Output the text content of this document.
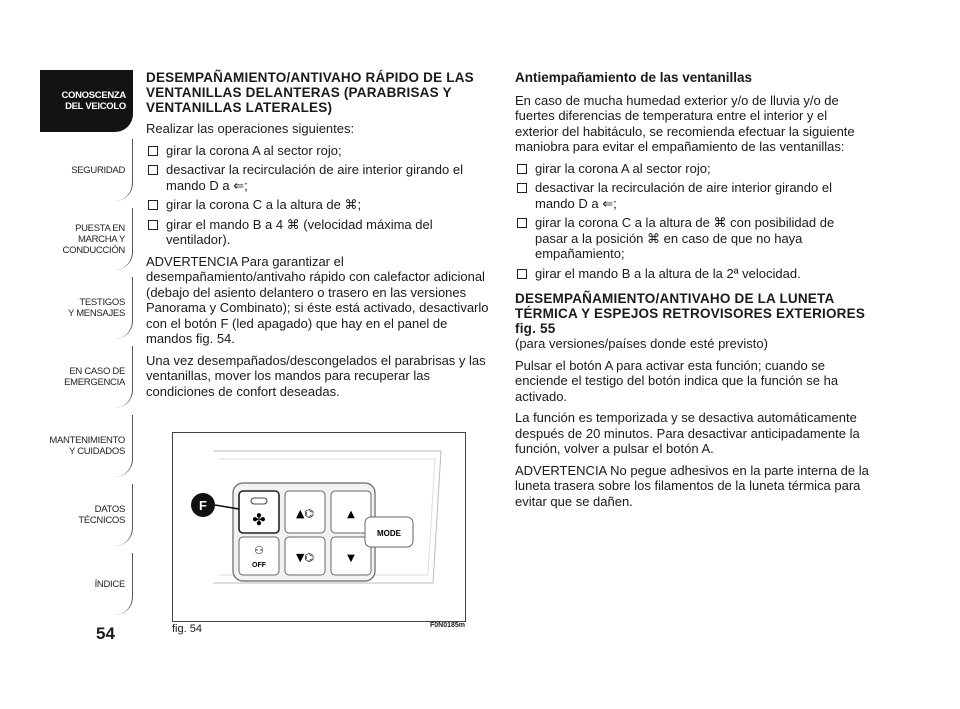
CONOSCENZA
DEL VEICOLO
SEGURIDAD
PUESTA EN
MARCHA Y
CONDUCCIÓN
TESTIGOS
Y MENSAJES
EN CASO DE
EMERGENCIA
MANTENIMIENTO
Y CUIDADOS
DATOS
TÉCNICOS
ÍNDICE
54
DESEMPAÑAMIENTO/ANTIVAHO RÁPIDO DE LAS VENTANILLAS DELANTERAS (PARABRISAS Y VENTANILLAS LATERALES)

Realizar las operaciones siguientes:

girar la corona A al sector rojo;
desactivar la recirculación de aire interior girando el mando D a ⇐;
girar la corona C a la altura de ⌘;
girar el mando B a 4 ⌘ (velocidad máxima del ventilador).

ADVERTENCIA Para garantizar el desempañamiento/antivaho rápido con calefactor adicional (debajo del asiento delantero o trasero en las versiones Panorama y Combinato); si éste está activado, desactivarlo con el botón F (led apagado) que hay en el panel de mandos fig. 54.

Una vez desempañados/descongelados el parabrisas y las ventanillas, mover los mandos para recuperar las condiciones de confort deseadas.

✤
⚇
OFF
▲⌬
▼⌬
▲
▼
MODE
F
fig. 54	F0N0185m
Antiempañamiento de las ventanillas

En caso de mucha humedad exterior y/o de lluvia y/o de fuertes diferencias de temperatura entre el interior y el exterior del habitáculo, se recomienda efectuar la siguiente maniobra para evitar el empañamiento de las ventanillas:

girar la corona A al sector rojo;
desactivar la recirculación de aire interior girando el mando D a ⇐;
girar la corona C a la altura de ⌘ con posibilidad de pasar a la posición ⌘ en caso de que no haya empañamiento;
girar el mando B a la altura de la 2ª velocidad.
DESEMPAÑAMIENTO/ANTIVAHO DE LA LUNETA TÉRMICA Y ESPEJOS RETROVISORES EXTERIORES fig. 55

(para versiones/países donde esté previsto)

Pulsar el botón A para activar esta función; cuando se enciende el testigo del botón indica que la función se ha activado.

La función es temporizada y se desactiva automáticamente después de 20 minutos. Para desactivar anticipadamente la función, volver a pulsar el botón A.

ADVERTENCIA No pegue adhesivos en la parte interna de la luneta trasera sobre los filamentos de la luneta térmica para evitar que se dañen.
